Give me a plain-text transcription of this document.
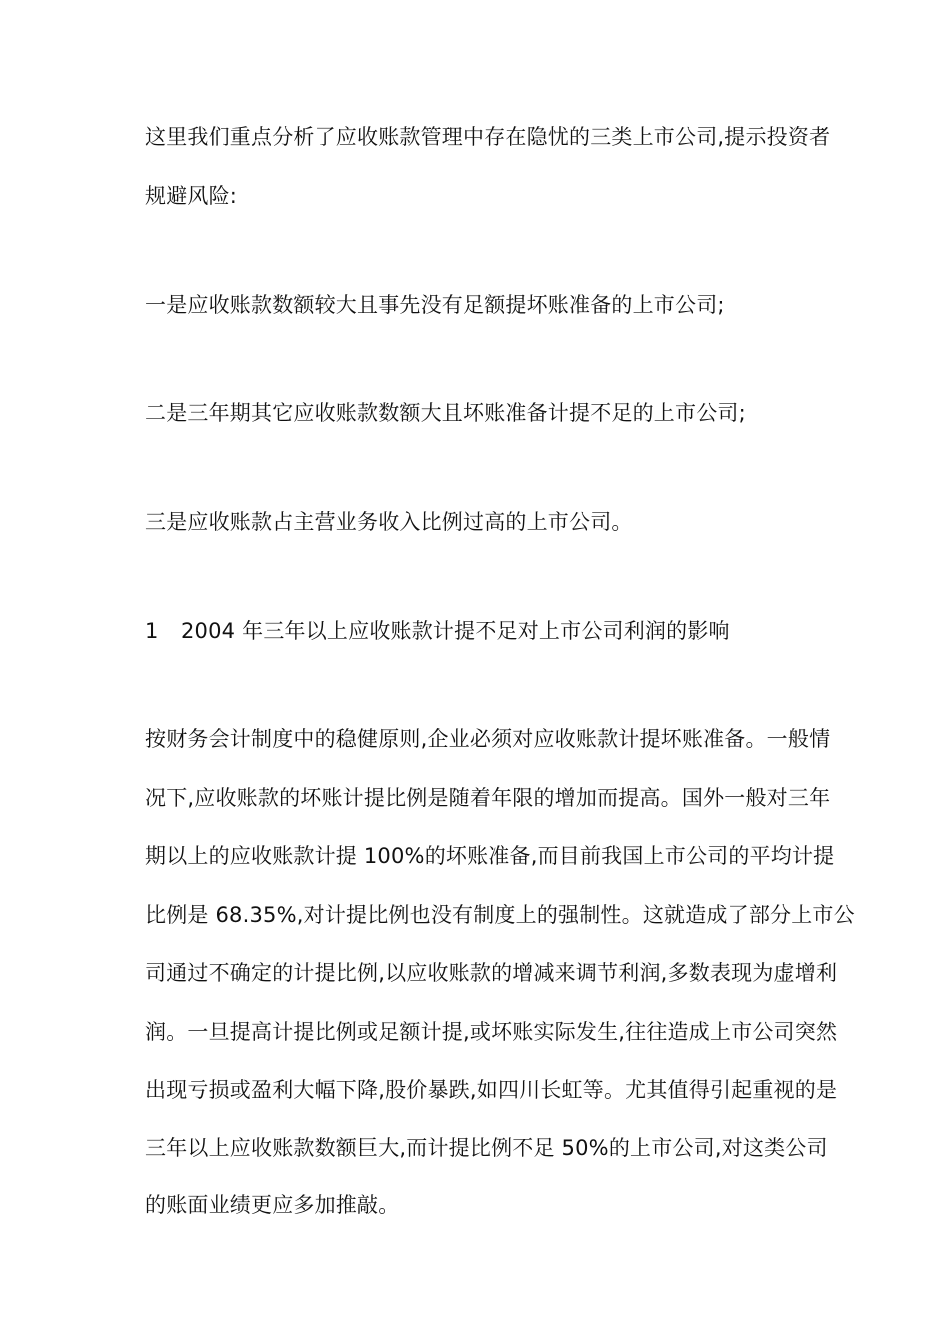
这里我们重点分析了应收账款管理中存在隐忧的三类上市公司,提示投资者
规避风险:
一是应收账款数额较大且事先没有足额提坏账准备的上市公司;
二是三年期其它应收账款数额大且坏账准备计提不足的上市公司;
三是应收账款占主营业务收入比例过高的上市公司。
1 2004 年三年以上应收账款计提不足对上市公司利润的影响
按财务会计制度中的稳健原则,企业必须对应收账款计提坏账准备。一般情
况下,应收账款的坏账计提比例是随着年限的增加而提高。国外一般对三年
期以上的应收账款计提 100%的坏账准备,而目前我国上市公司的平均计提
比例是 68.35%,对计提比例也没有制度上的强制性。这就造成了部分上市公
司通过不确定的计提比例,以应收账款的增减来调节利润,多数表现为虚增利
润。一旦提高计提比例或足额计提,或坏账实际发生,往往造成上市公司突然
出现亏损或盈利大幅下降,股价暴跌,如四川长虹等。尤其值得引起重视的是
三年以上应收账款数额巨大,而计提比例不足 50%的上市公司,对这类公司
的账面业绩更应多加推敲。
